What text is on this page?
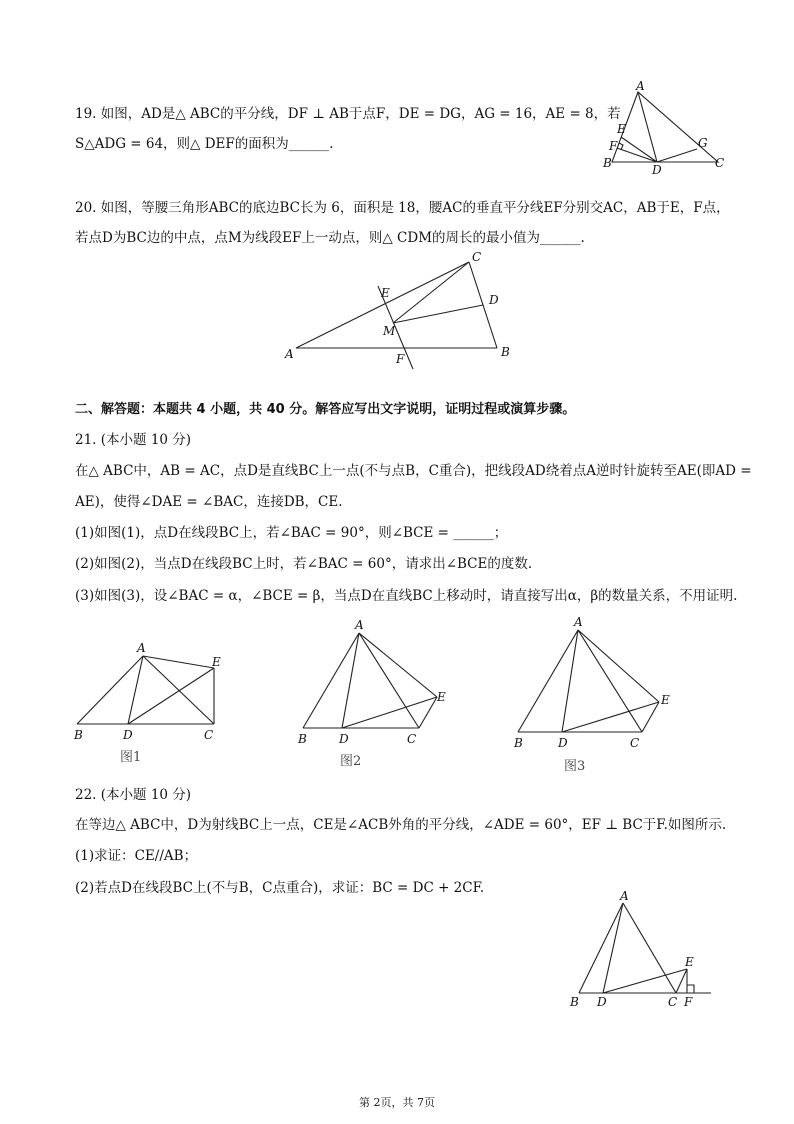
19. 如图，AD是△ ABC的平分线，DF ⊥ AB于点F，DE = DG，AG = 16，AE = 8，若
S△ADG = 64，则△ DEF的面积为______.
A
E
F
B	D
G
C
20. 如图，等腰三角形ABC的底边BC长为 6，面积是 18，腰AC的垂直平分线EF分别交AC，AB于E，F点，
若点D为BC边的中点，点M为线段EF上一动点，则△ CDM的周长的最小值为______.
C
E	D
M
A	F	B
二、解答题：本题共 4 小题，共 40 分。解答应写出文字说明，证明过程或演算步骤。
21. (本小题 10 分)
在△ ABC中，AB = AC，点D是直线BC上一点(不与点B，C重合)，把线段AD绕着点A逆时针旋转至AE(即AD =
AE)，使得∠DAE = ∠BAC，连接DB，CE.
(1)如图(1)，点D在线段BC上，若∠BAC = 90°，则∠BCE = ______；
(2)如图(2)，当点D在线段BC上时，若∠BAC = 60°，请求出∠BCE的度数.
(3)如图(3)，设∠BAC = α，∠BCE = β，当点D在直线BC上移动时，请直接写出α，β的数量关系，不用证明.
A
E
B	D	C
图1
A
E
B	D	C
图2
A
E
B	D	C
图3
22. (本小题 10 分)
在等边△ ABC中，D为射线BC上一点，CE是∠ACB外角的平分线，∠ADE = 60°，EF ⊥ BC于F.如图所示.
(1)求证：CE//AB；
(2)若点D在线段BC上(不与B，C点重合)，求证：BC = DC + 2CF.	A
E
B D	C F
第 2页，共 7页
